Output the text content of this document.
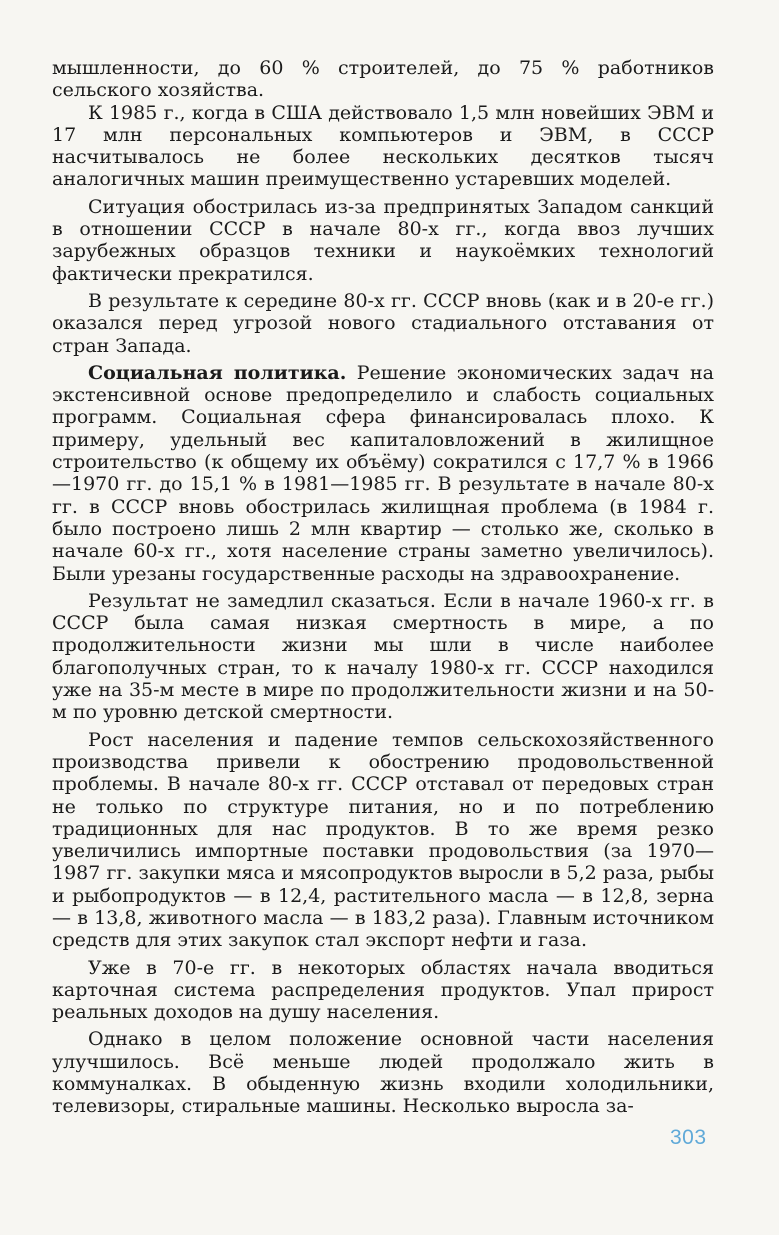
мышленности, до 60 % строителей, до 75 % работников сельского хозяйства.

К 1985 г., когда в США действовало 1,5 млн новейших ЭВМ и 17 млн персональных компьютеров и ЭВМ, в СССР насчитывалось не более нескольких десятков тысяч аналогичных машин преимущественно устаревших моделей.

Ситуация обострилась из-за предпринятых Западом санкций в отношении СССР в начале 80-х гг., когда ввоз лучших зарубежных образцов техники и наукоёмких технологий фактически прекратился.

В результате к середине 80-х гг. СССР вновь (как и в 20-е гг.) оказался перед угрозой нового стадиального отставания от стран Запада.

Социальная политика. Решение экономических задач на экстенсивной основе предопределило и слабость социальных программ. Социальная сфера финансировалась плохо. К примеру, удельный вес капиталовложений в жилищное строительство (к общему их объёму) сократился с 17,7 % в 1966—1970 гг. до 15,1 % в 1981—1985 гг. В результате в начале 80-х гг. в СССР вновь обострилась жилищная проблема (в 1984 г. было построено лишь 2 млн квартир — столько же, сколько в начале 60-х гг., хотя население страны заметно увеличилось). Были урезаны государственные расходы на здравоохранение.

Результат не замедлил сказаться. Если в начале 1960-х гг. в СССР была самая низкая смертность в мире, а по продолжительности жизни мы шли в числе наиболее благополучных стран, то к началу 1980-х гг. СССР находился уже на 35-м месте в мире по продолжительности жизни и на 50-м по уровню детской смертности.

Рост населения и падение темпов сельскохозяйственного производства привели к обострению продовольственной проблемы. В начале 80-х гг. СССР отставал от передовых стран не только по структуре питания, но и по потреблению традиционных для нас продуктов. В то же время резко увеличились импортные поставки продовольствия (за 1970—1987 гг. закупки мяса и мясопродуктов выросли в 5,2 раза, рыбы и рыбопродуктов — в 12,4, растительного масла — в 12,8, зерна — в 13,8, животного масла — в 183,2 раза). Главным источником средств для этих закупок стал экспорт нефти и газа.

Уже в 70-е гг. в некоторых областях начала вводиться карточная система распределения продуктов. Упал прирост реальных доходов на душу населения.

Однако в целом положение основной части населения улучшилось. Всё меньше людей продолжало жить в коммуналках. В обыденную жизнь входили холодильники, телевизоры, стиральные машины. Несколько выросла за-

303
